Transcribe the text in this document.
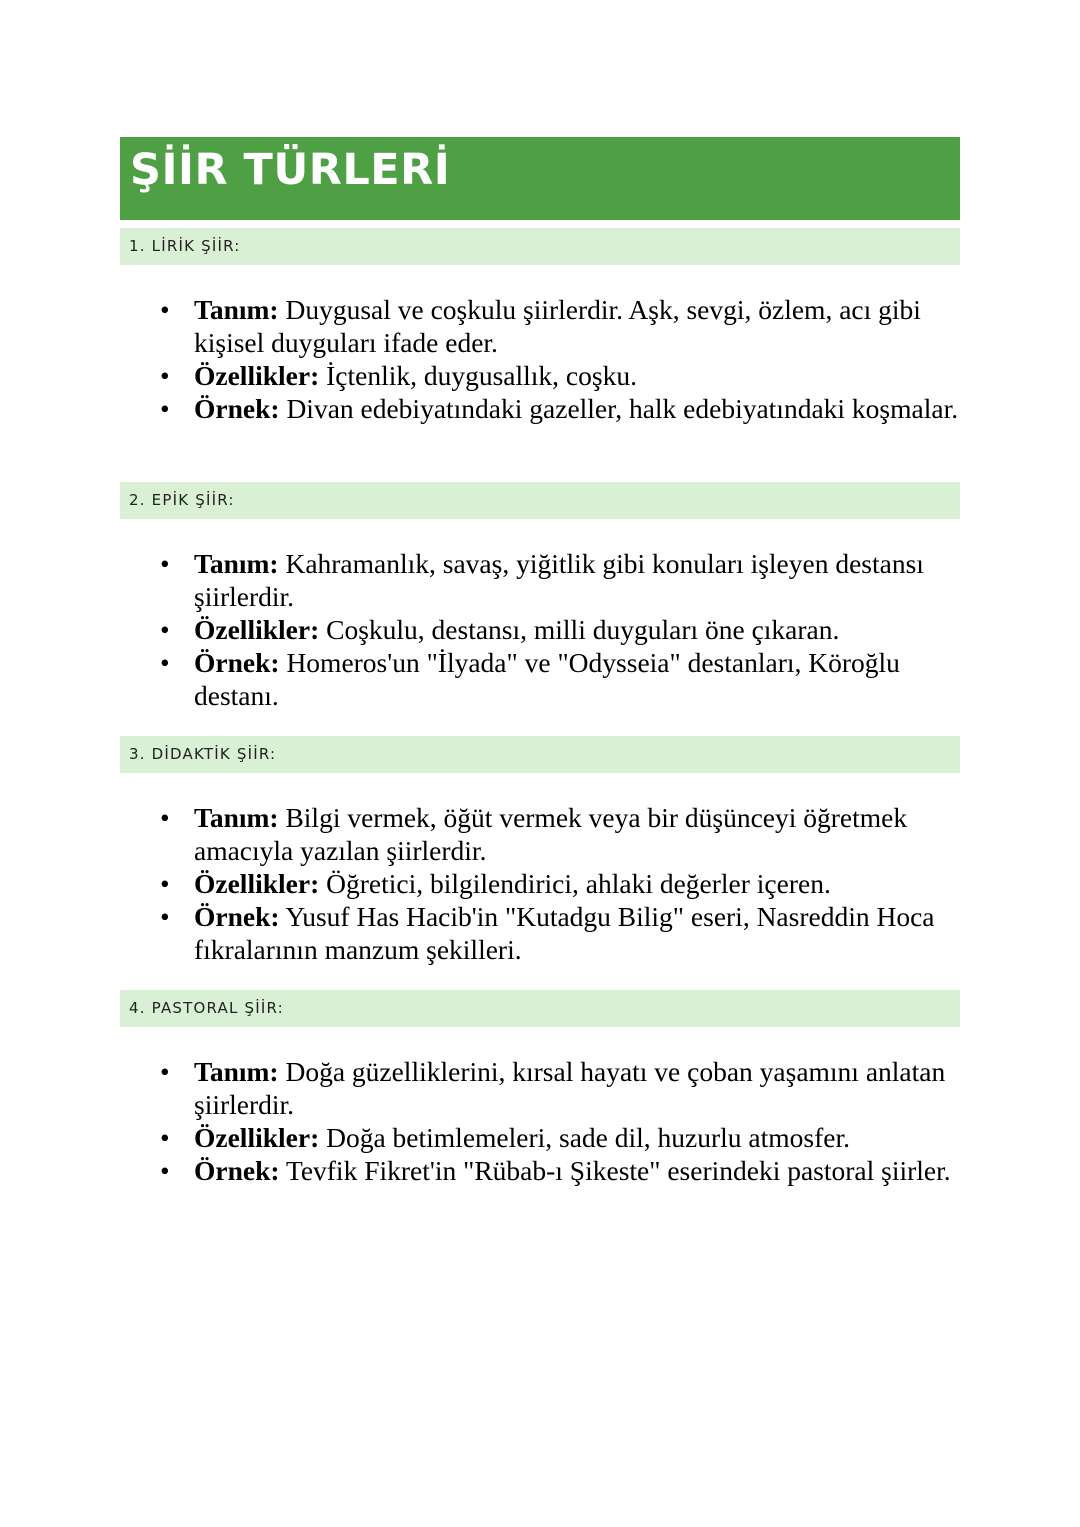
ŞİİR TÜRLERİ
1. LİRİK ŞİİR:
• Tanım: Duygusal ve coşkulu şiirlerdir. Aşk, sevgi, özlem, acı gibi kişisel duyguları ifade eder.
• Özellikler: İçtenlik, duygusallık, coşku.
• Örnek: Divan edebiyatındaki gazeller, halk edebiyatındaki koşmalar.
2. EPİK ŞİİR:
• Tanım: Kahramanlık, savaş, yiğitlik gibi konuları işleyen destansı şiirlerdir.
• Özellikler: Coşkulu, destansı, milli duyguları öne çıkaran.
• Örnek: Homeros'un "İlyada" ve "Odysseia" destanları, Köroğlu destanı.
3. DİDAKTİK ŞİİR:
• Tanım: Bilgi vermek, öğüt vermek veya bir düşünceyi öğretmek amacıyla yazılan şiirlerdir.
• Özellikler: Öğretici, bilgilendirici, ahlaki değerler içeren.
• Örnek: Yusuf Has Hacib'in "Kutadgu Bilig" eseri, Nasreddin Hoca fıkralarının manzum şekilleri.
4. PASTORAL ŞİİR:
• Tanım: Doğa güzelliklerini, kırsal hayatı ve çoban yaşamını anlatan şiirlerdir.
• Özellikler: Doğa betimlemeleri, sade dil, huzurlu atmosfer.
• Örnek: Tevfik Fikret'in "Rübab-ı Şikeste" eserindeki pastoral şiirler.
